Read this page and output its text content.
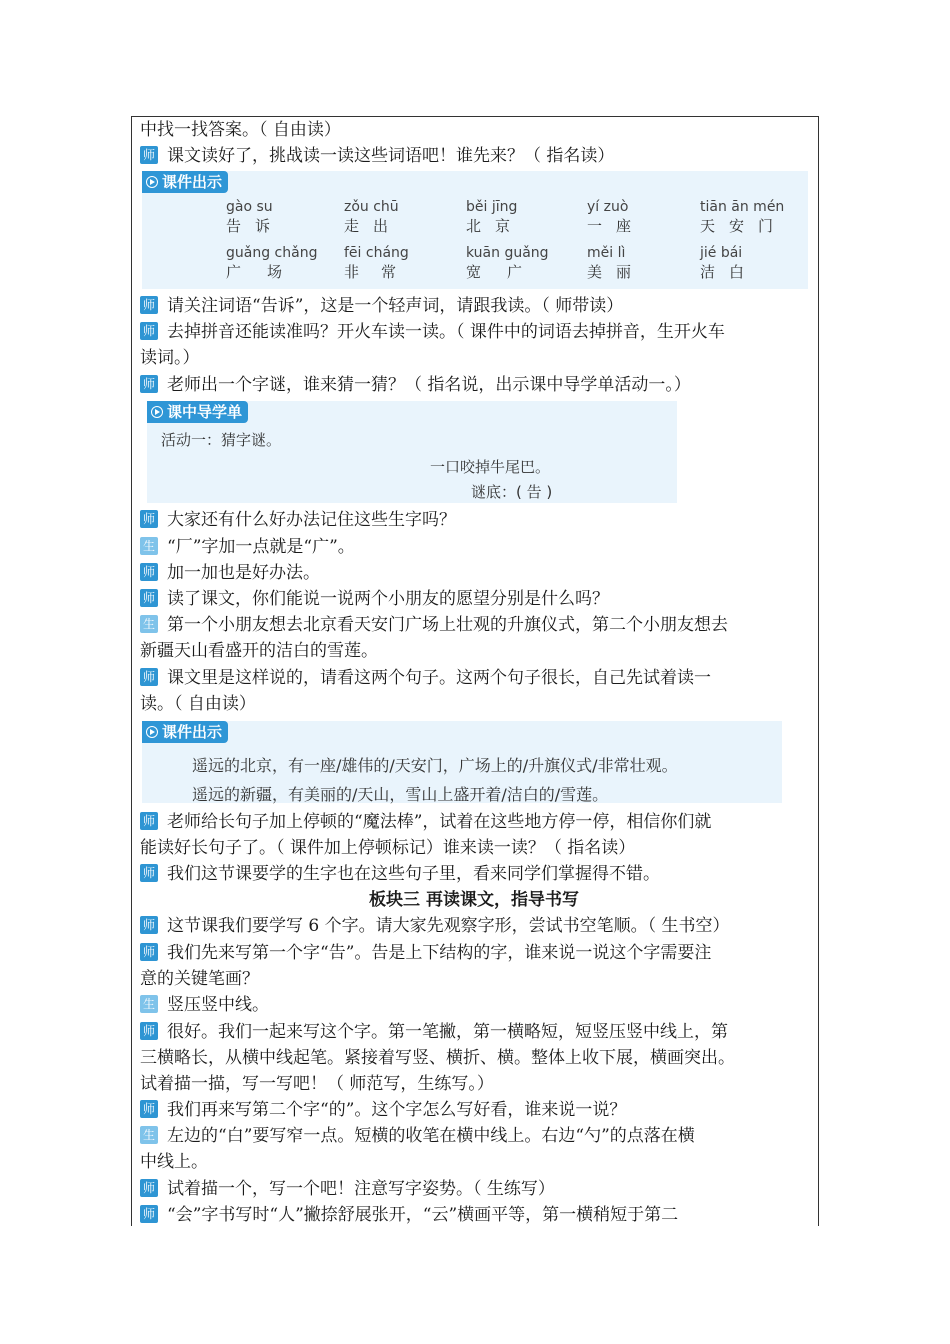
中找一找答案。（ 自由读）
师 课文读好了，挑战读一读这些词语吧！谁先来？（ 指名读）
课件出示
gào su
告诉
zǒu chū
走出
běi jīng
北京
yí zuò
一座
tiān ān mén
天安门
guǎng chǎng
广场
fēi cháng
非常
kuān guǎng
宽广
měi lì
美丽
jié bái
洁白
师 请关注词语“告诉”，这是一个轻声词，请跟我读。（ 师带读）
师 去掉拼音还能读准吗？开火车读一读。（ 课件中的词语去掉拼音，生开火车
读词。）
师 老师出一个字谜，谁来猜一猜？（ 指名说，出示课中导学单活动一。）
课中导学单
活动一：猜字谜。
一口咬掉牛尾巴。
谜底：( 告 )
师 大家还有什么好办法记住这些生字吗？
生 “厂”字加一点就是“广”。
师 加一加也是好办法。
师 读了课文，你们能说一说两个小朋友的愿望分别是什么吗？
生 第一个小朋友想去北京看天安门广场上壮观的升旗仪式，第二个小朋友想去
新疆天山看盛开的洁白的雪莲。
师 课文里是这样说的，请看这两个句子。这两个句子很长，自己先试着读一
读。（ 自由读）
课件出示
遥远的北京，有一座/雄伟的/天安门，广场上的/升旗仪式/非常壮观。
遥远的新疆，有美丽的/天山，雪山上盛开着/洁白的/雪莲。
师 老师给长句子加上停顿的“魔法棒”，试着在这些地方停一停，相信你们就
能读好长句子了。（ 课件加上停顿标记）谁来读一读？（ 指名读）
师 我们这节课要学的生字也在这些句子里，看来同学们掌握得不错。
板块三 再读课文，指导书写
师 这节课我们要学写 6 个字。请大家先观察字形，尝试书空笔顺。（ 生书空）
师 我们先来写第一个字“告”。告是上下结构的字，谁来说一说这个字需要注
意的关键笔画？
生 竖压竖中线。
师 很好。我们一起来写这个字。第一笔撇，第一横略短，短竖压竖中线上，第
三横略长，从横中线起笔。紧接着写竖、横折、横。整体上收下展，横画突出。
试着描一描，写一写吧！（ 师范写，生练写。）
师 我们再来写第二个字“的”。这个字怎么写好看，谁来说一说？
生 左边的“白”要写窄一点。短横的收笔在横中线上。右边“勺”的点落在横
中线上。
师 试着描一个，写一个吧！注意写字姿势。（ 生练写）
师 “会”字书写时“人”撇捺舒展张开，“云”横画平等，第一横稍短于第二
